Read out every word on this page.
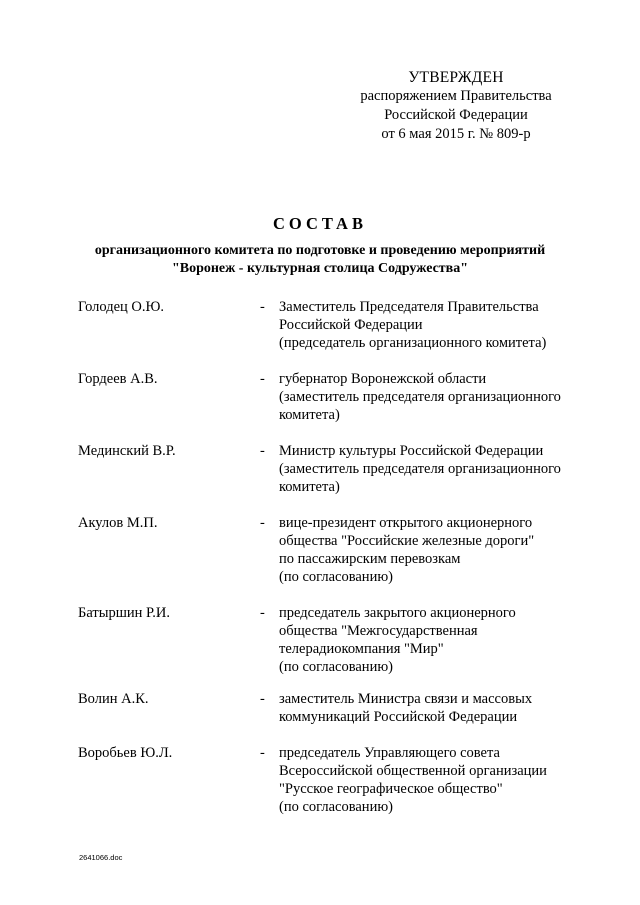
УТВЕРЖДЕН
распоряжением Правительства
Российской Федерации
от 6 мая 2015 г. № 809-р
СОСТАВ
организационного комитета по подготовке и проведению мероприятий
"Воронеж - культурная столица Содружества"
Голодец О.Ю.	- Заместитель Председателя Правительства
Российской Федерации
(председатель организационного комитета)
Гордеев А.В.	- губернатор Воронежской области
(заместитель председателя организационного
комитета)
Мединский В.Р.	- Министр культуры Российской Федерации
(заместитель председателя организационного
комитета)
Акулов М.П.	- вице-президент открытого акционерного
общества "Российские железные дороги"
по пассажирским перевозкам
(по согласованию)
Батыршин Р.И.	- председатель закрытого акционерного
общества "Межгосударственная
телерадиокомпания "Мир"
(по согласованию)
Волин А.К.	- заместитель Министра связи и массовых
коммуникаций Российской Федерации
Воробьев Ю.Л.	- председатель Управляющего совета
Всероссийской общественной организации
"Русское географическое общество"
(по согласованию)
2641066.doc
